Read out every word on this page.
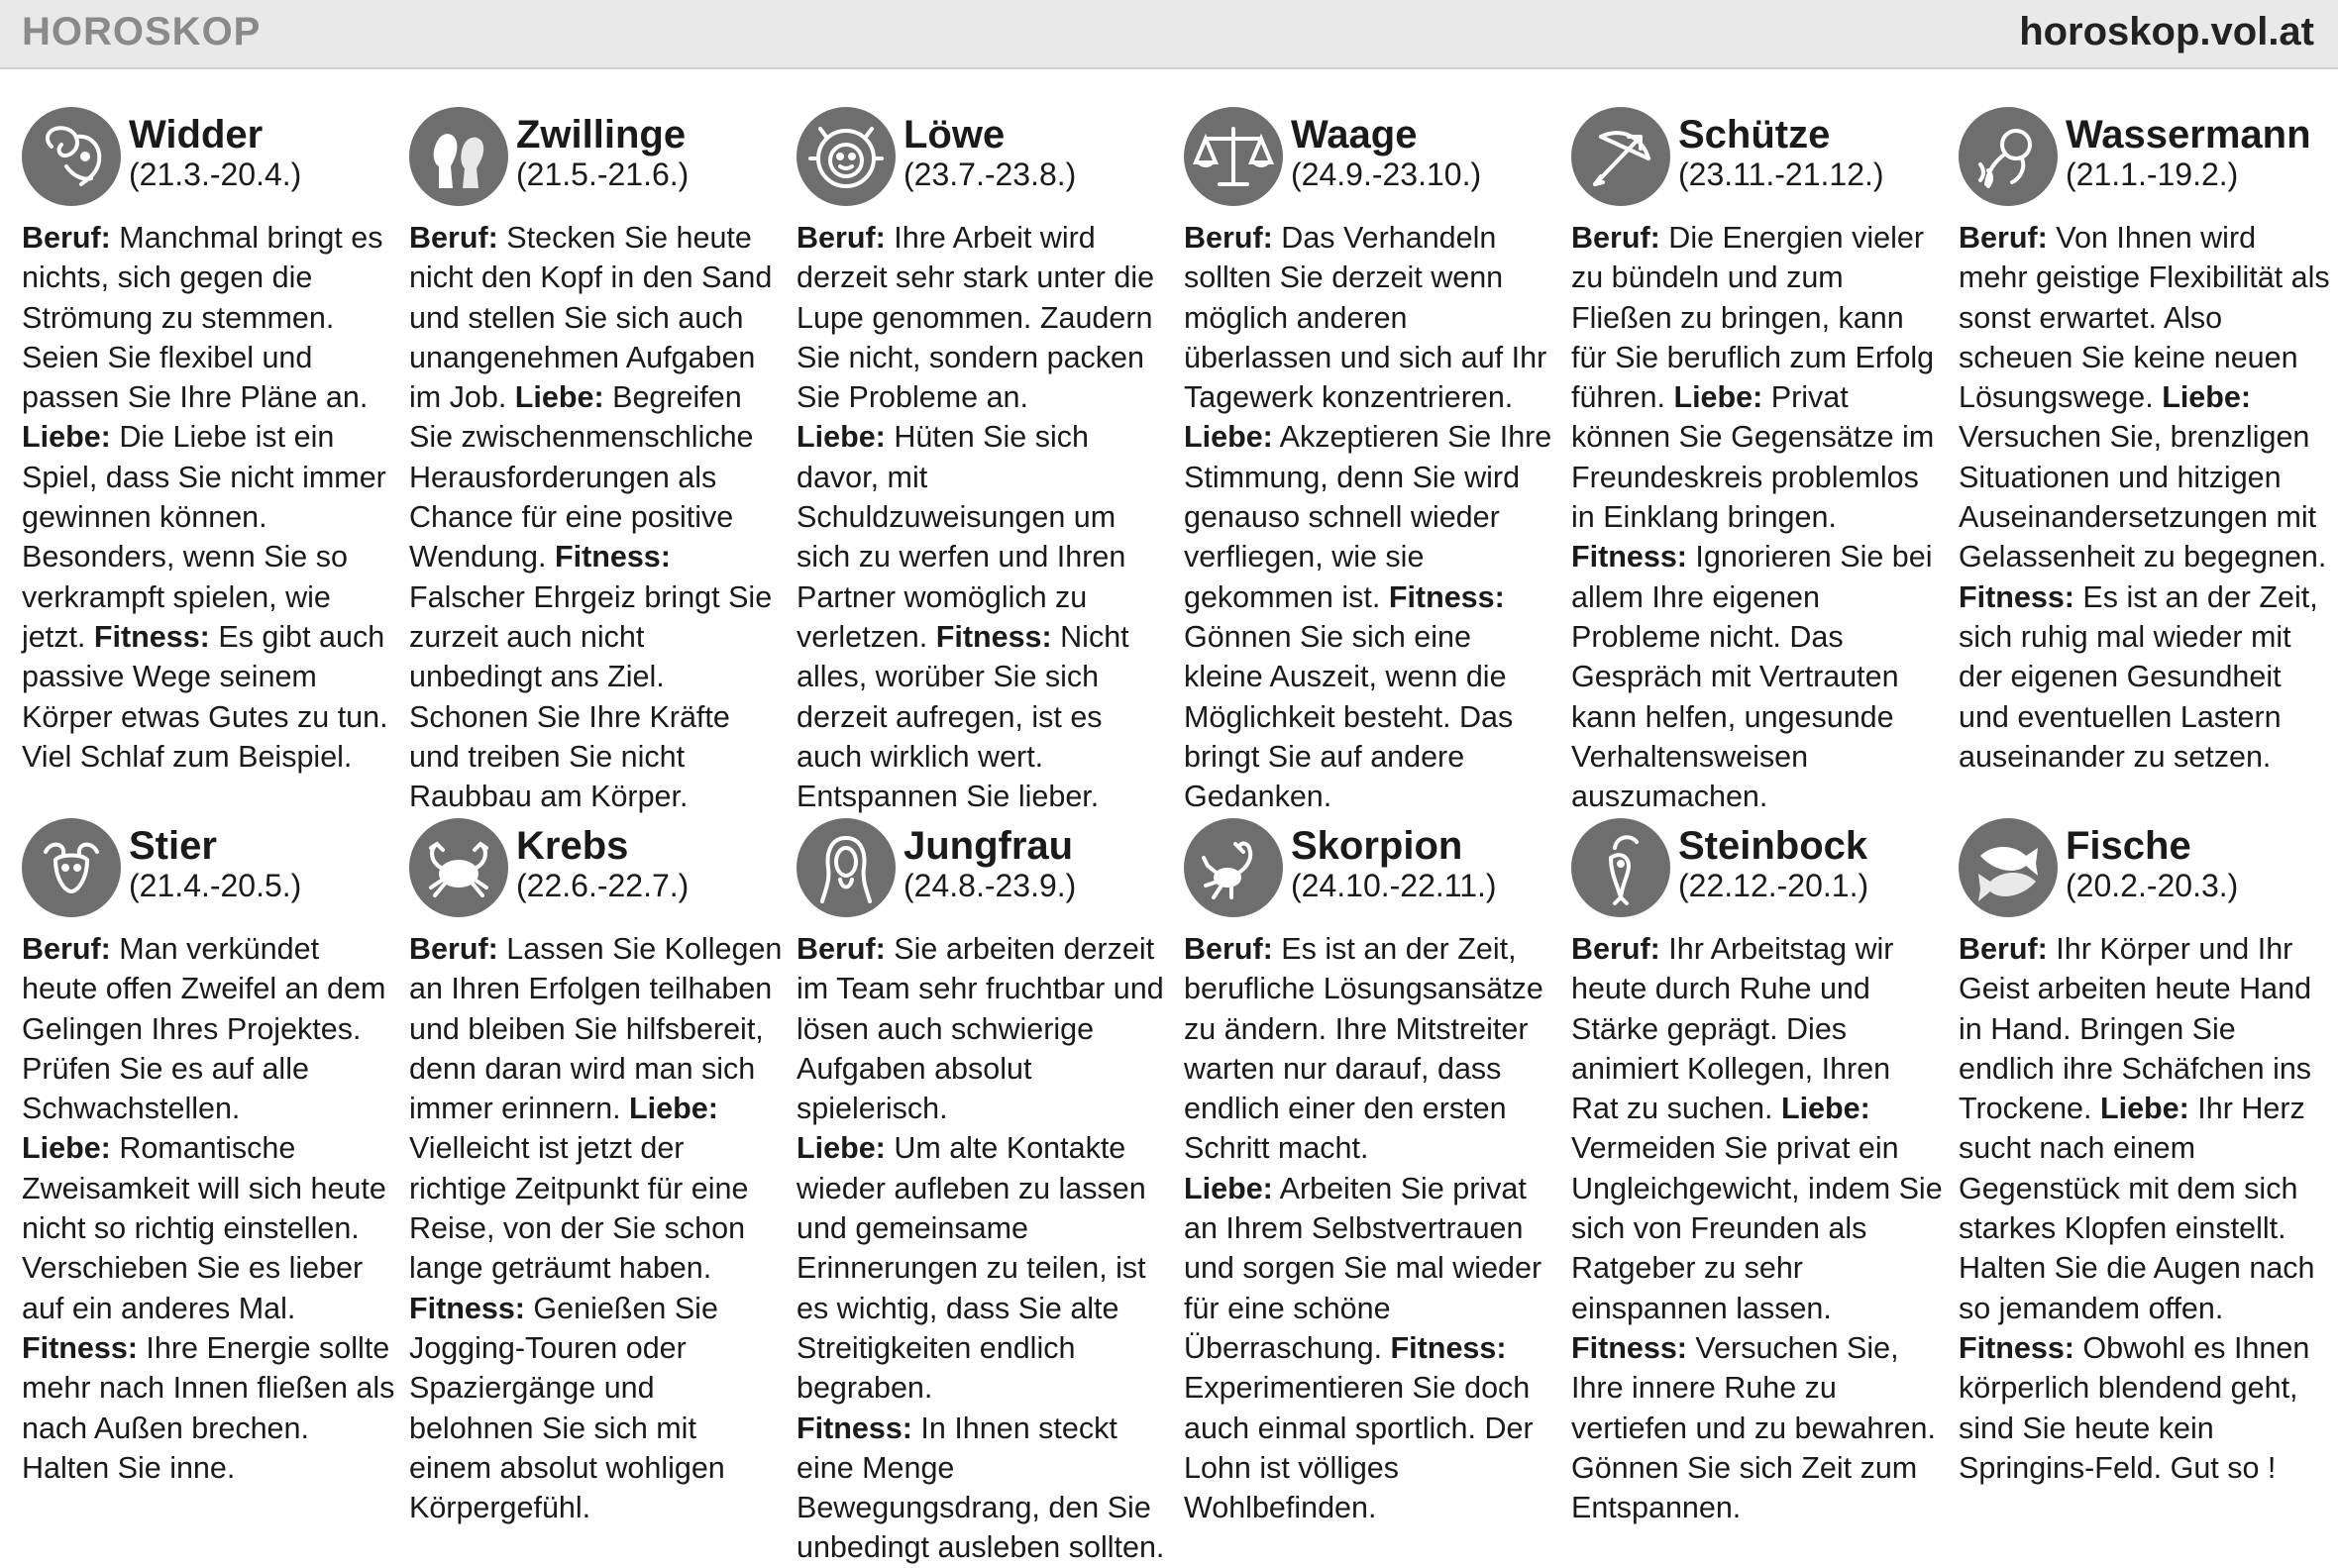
HOROSKOP	horoskop.vol.at
Widder
(21.3.-20.4.)

Beruf: Manchmal bringt es nichts, sich gegen die Strömung zu stemmen. Seien Sie flexibel und passen Sie Ihre Pläne an.

Liebe: Die Liebe ist ein Spiel, dass Sie nicht immer gewinnen können. Besonders, wenn Sie so verkrampft spielen, wie jetzt. Fitness: Es gibt auch passive Wege seinem Körper etwas Gutes zu tun. Viel Schlaf zum Beispiel.

Zwillinge
(21.5.-21.6.)

Beruf: Stecken Sie heute nicht den Kopf in den Sand und stellen Sie sich auch unangenehmen Aufgaben im Job. Liebe: Begreifen Sie zwischenmenschliche Herausforderungen als Chance für eine positive Wendung. Fitness: Falscher Ehrgeiz bringt Sie zurzeit auch nicht unbedingt ans Ziel. Schonen Sie Ihre Kräfte und treiben Sie nicht Raubbau am Körper.

Löwe
(23.7.-23.8.)

Beruf: Ihre Arbeit wird derzeit sehr stark unter die Lupe genommen. Zaudern Sie nicht, sondern packen Sie Probleme an.

Liebe: Hüten Sie sich davor, mit Schuldzuweisungen um sich zu werfen und Ihren Partner womöglich zu verletzen. Fitness: Nicht alles, worüber Sie sich derzeit aufregen, ist es auch wirklich wert. Entspannen Sie lieber.

Waage
(24.9.-23.10.)

Beruf: Das Verhandeln sollten Sie derzeit wenn möglich anderen überlassen und sich auf Ihr Tagewerk konzentrieren.

Liebe: Akzeptieren Sie Ihre Stimmung, denn Sie wird genauso schnell wieder verfliegen, wie sie gekommen ist. Fitness: Gönnen Sie sich eine kleine Auszeit, wenn die Möglichkeit besteht. Das bringt Sie auf andere Gedanken.

Schütze
(23.11.-21.12.)

Beruf: Die Energien vieler zu bündeln und zum Fließen zu bringen, kann für Sie beruflich zum Erfolg führen. Liebe: Privat können Sie Gegensätze im Freundeskreis problemlos in Einklang bringen. Fitness: Ignorieren Sie bei allem Ihre eigenen Probleme nicht. Das Gespräch mit Vertrauten kann helfen, ungesunde Verhaltensweisen auszumachen.

Wassermann
(21.1.-19.2.)

Beruf: Von Ihnen wird mehr geistige Flexibilität als sonst erwartet. Also scheuen Sie keine neuen Lösungswege. Liebe: Versuchen Sie, brenzligen Situationen und hitzigen Auseinandersetzungen mit Gelassenheit zu begegnen.

Fitness: Es ist an der Zeit, sich ruhig mal wieder mit der eigenen Gesundheit und eventuellen Lastern auseinander zu setzen.

Stier
(21.4.-20.5.)

Beruf: Man verkündet heute offen Zweifel an dem Gelingen Ihres Projektes. Prüfen Sie es auf alle Schwachstellen.

Liebe: Romantische Zweisamkeit will sich heute nicht so richtig einstellen. Verschieben Sie es lieber auf ein anderes Mal.

Fitness: Ihre Energie sollte mehr nach Innen fließen als nach Außen brechen. Halten Sie inne.

Krebs
(22.6.-22.7.)

Beruf: Lassen Sie Kollegen an Ihren Erfolgen teilhaben und bleiben Sie hilfsbereit, denn daran wird man sich immer erinnern. Liebe: Vielleicht ist jetzt der richtige Zeitpunkt für eine Reise, von der Sie schon lange geträumt haben. Fitness: Genießen Sie Jogging-Touren oder Spaziergänge und belohnen Sie sich mit einem absolut wohligen Körpergefühl.

Jungfrau
(24.8.-23.9.)

Beruf: Sie arbeiten derzeit im Team sehr fruchtbar und lösen auch schwierige Aufgaben absolut spielerisch.

Liebe: Um alte Kontakte wieder aufleben zu lassen und gemeinsame Erinnerungen zu teilen, ist es wichtig, dass Sie alte Streitigkeiten endlich begraben.

Fitness: In Ihnen steckt eine Menge Bewegungsdrang, den Sie unbedingt ausleben sollten.

Skorpion
(24.10.-22.11.)

Beruf: Es ist an der Zeit, berufliche Lösungsansätze zu ändern. Ihre Mitstreiter warten nur darauf, dass endlich einer den ersten Schritt macht.

Liebe: Arbeiten Sie privat an Ihrem Selbstvertrauen und sorgen Sie mal wieder für eine schöne Überraschung. Fitness: Experimentieren Sie doch auch einmal sportlich. Der Lohn ist völliges Wohlbefinden.

Steinbock
(22.12.-20.1.)

Beruf: Ihr Arbeitstag wir heute durch Ruhe und Stärke geprägt. Dies animiert Kollegen, Ihren Rat zu suchen. Liebe: Vermeiden Sie privat ein Ungleichgewicht, indem Sie sich von Freunden als Ratgeber zu sehr einspannen lassen. Fitness: Versuchen Sie, Ihre innere Ruhe zu vertiefen und zu bewahren. Gönnen Sie sich Zeit zum Entspannen.

Fische
(20.2.-20.3.)

Beruf: Ihr Körper und Ihr Geist arbeiten heute Hand in Hand. Bringen Sie endlich ihre Schäfchen ins Trockene. Liebe: Ihr Herz sucht nach einem Gegenstück mit dem sich starkes Klopfen einstellt. Halten Sie die Augen nach so jemandem offen.

Fitness: Obwohl es Ihnen körperlich blendend geht, sind Sie heute kein Springins-Feld. Gut so !
